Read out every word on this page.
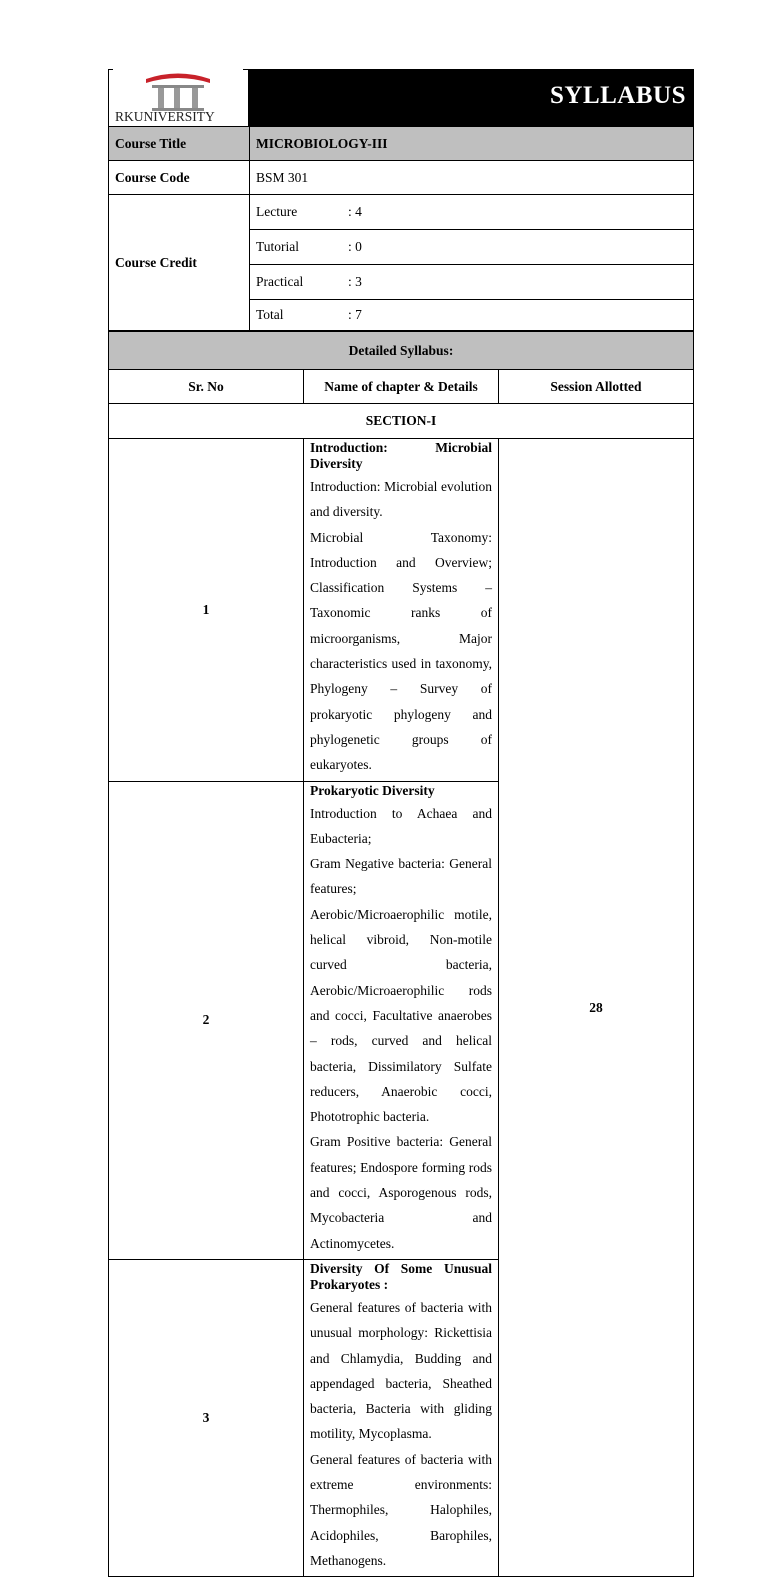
RKUNIVERSITY
SYLLABUS
Course Title	MICROBIOLOGY-III
Course Code	BSM 301
Course Credit	Lecture : 4
	Tutorial : 0
	Practical : 3
	Total : 7
Detailed Syllabus:		
Sr. No	Name of chapter & Details	Session Allotted
SECTION-I		
1	Introduction: Microbial Diversity

Introduction: Microbial evolution and diversity.

Microbial Taxonomy: Introduction and Overview; Classification Systems – Taxonomic ranks of microorganisms, Major characteristics used in taxonomy, Phylogeny – Survey of prokaryotic phylogeny and phylogenetic groups of eukaryotes.	28
2	Prokaryotic Diversity

Introduction to Achaea and Eubacteria;

Gram Negative bacteria: General features; Aerobic/Microaerophilic motile, helical vibroid, Non-motile curved bacteria, Aerobic/Microaerophilic rods and cocci, Facultative anaerobes – rods, curved and helical bacteria, Dissimilatory Sulfate reducers, Anaerobic cocci, Phototrophic bacteria.

Gram Positive bacteria: General features; Endospore forming rods and cocci, Asporogenous rods, Mycobacteria and Actinomycetes.	

3	Diversity Of Some Unusual Prokaryotes :

General features of bacteria with unusual morphology: Rickettisia and Chlamydia, Budding and appendaged bacteria, Sheathed bacteria, Bacteria with gliding motility, Mycoplasma.

General features of bacteria with extreme environments: Thermophiles, Halophiles, Acidophiles, Barophiles, Methanogens.	
